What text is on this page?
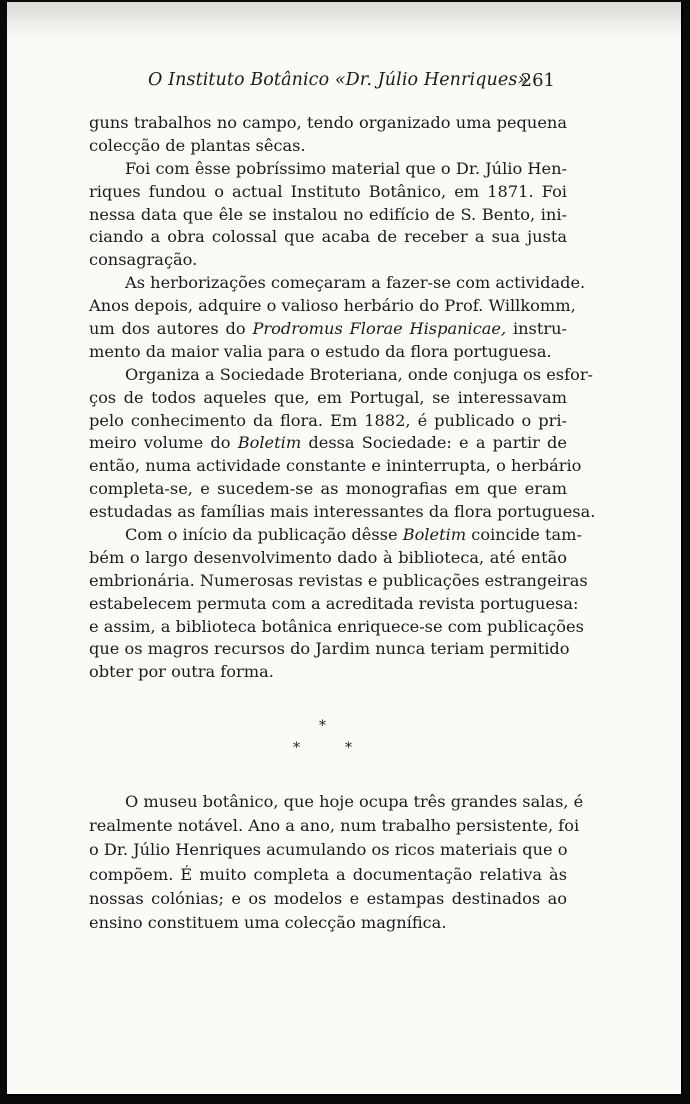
O Instituto Botânico «Dr. Júlio Henriques»
261
guns trabalhos no campo, tendo organizado uma pequena
colecção de plantas sêcas.
Foi com êsse pobríssimo material que o Dr. Júlio Hen-
riques fundou o actual Instituto Botânico, em 1871. Foi
nessa data que êle se instalou no edifício de S. Bento, ini-
ciando a obra colossal que acaba de receber a sua justa
consagração.
As herborizações começaram a fazer-se com actividade.
Anos depois, adquire o valioso herbário do Prof. Willkomm,
um dos autores do Prodromus Florae Hispanicae, instru-
mento da maior valia para o estudo da flora portuguesa.
Organiza a Sociedade Broteriana, onde conjuga os esfor-
ços de todos aqueles que, em Portugal, se interessavam
pelo conhecimento da flora. Em 1882, é publicado o pri-
meiro volume do Boletim dessa Sociedade: e a partir de
então, numa actividade constante e ininterrupta, o herbário
completa-se, e sucedem-se as monografias em que eram
estudadas as famílias mais interessantes da flora portuguesa.
Com o início da publicação dêsse Boletim coincide tam-
bém o largo desenvolvimento dado à biblioteca, até então
embrionária. Numerosas revistas e publicações estrangeiras
estabelecem permuta com a acreditada revista portuguesa:
e assim, a biblioteca botânica enriquece-se com publicações
que os magros recursos do Jardim nunca teriam permitido
obter por outra forma.
*
*	*
O museu botânico, que hoje ocupa três grandes salas, é
realmente notável. Ano a ano, num trabalho persistente, foi
o Dr. Júlio Henriques acumulando os ricos materiais que o
compõem. É muito completa a documentação relativa às
nossas colónias; e os modelos e estampas destinados ao
ensino constituem uma colecção magnífica.
